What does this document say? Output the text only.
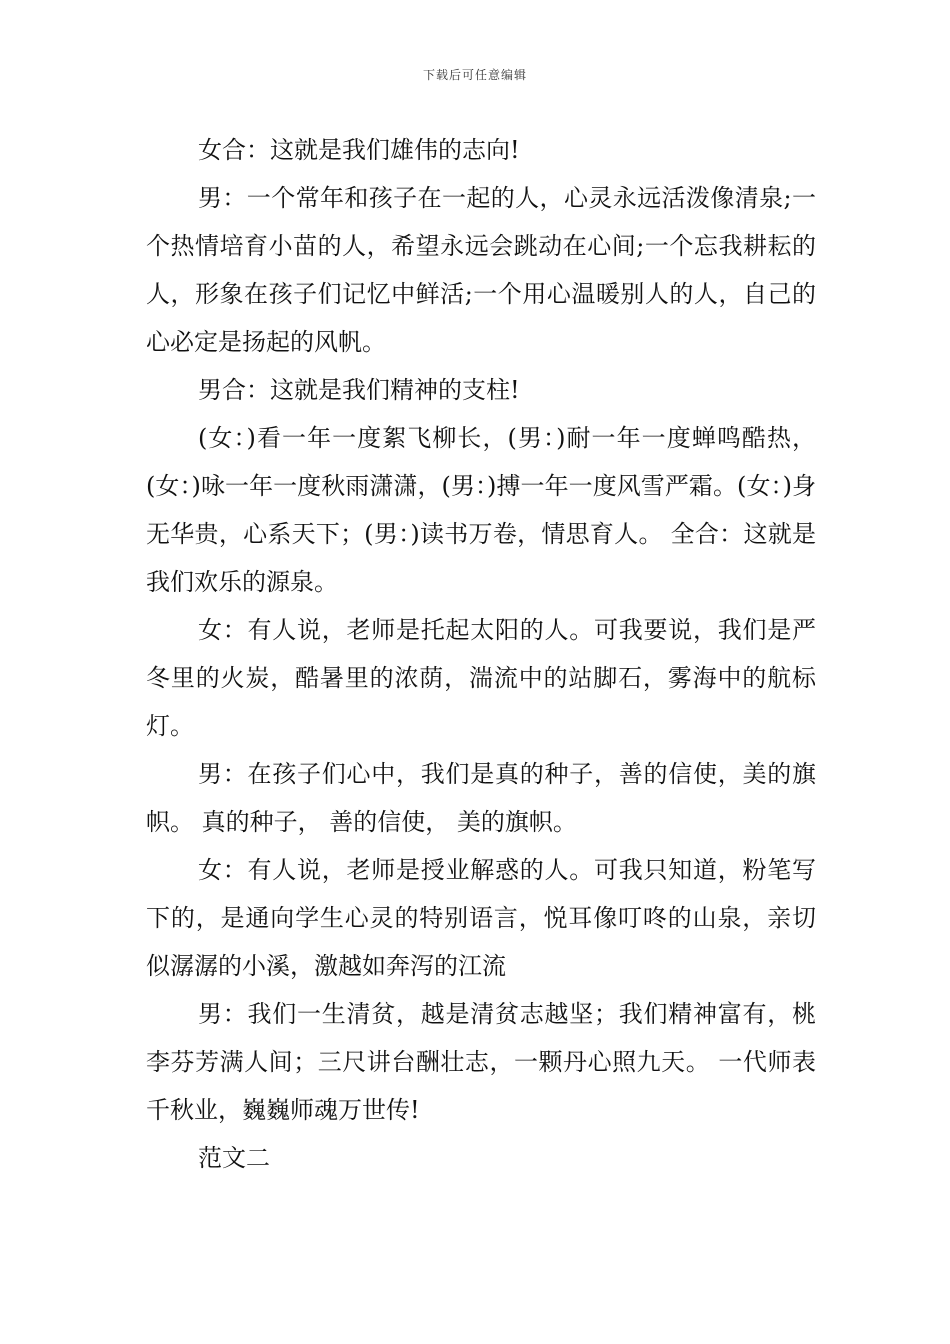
下载后可任意编辑

女合：这就是我们雄伟的志向!

男：一个常年和孩子在一起的人，心灵永远活泼像清泉;一个热情培育小苗的人，希望永远会跳动在心间;一个忘我耕耘的人，形象在孩子们记忆中鲜活;一个用心温暖别人的人，自己的心必定是扬起的风帆。

男合：这就是我们精神的支柱!

(女：)看一年一度絮飞柳长，(男：)耐一年一度蝉鸣酷热，(女：)咏一年一度秋雨潇潇，(男：)搏一年一度风雪严霜。(女：)身无华贵，心系天下；(男：)读书万卷，情思育人。 全合：这就是我们欢乐的源泉。

女：有人说，老师是托起太阳的人。可我要说，我们是严冬里的火炭，酷暑里的浓荫，湍流中的站脚石，雾海中的航标灯。

男：在孩子们心中，我们是真的种子，善的信使，美的旗帜。 真的种子， 善的信使， 美的旗帜。

女：有人说，老师是授业解惑的人。可我只知道，粉笔写下的，是通向学生心灵的特别语言，悦耳像叮咚的山泉，亲切似潺潺的小溪，激越如奔泻的江流

男：我们一生清贫，越是清贫志越坚；我们精神富有，桃李芬芳满人间；三尺讲台酬壮志，一颗丹心照九天。 一代师表千秋业，巍巍师魂万世传!

范文二
